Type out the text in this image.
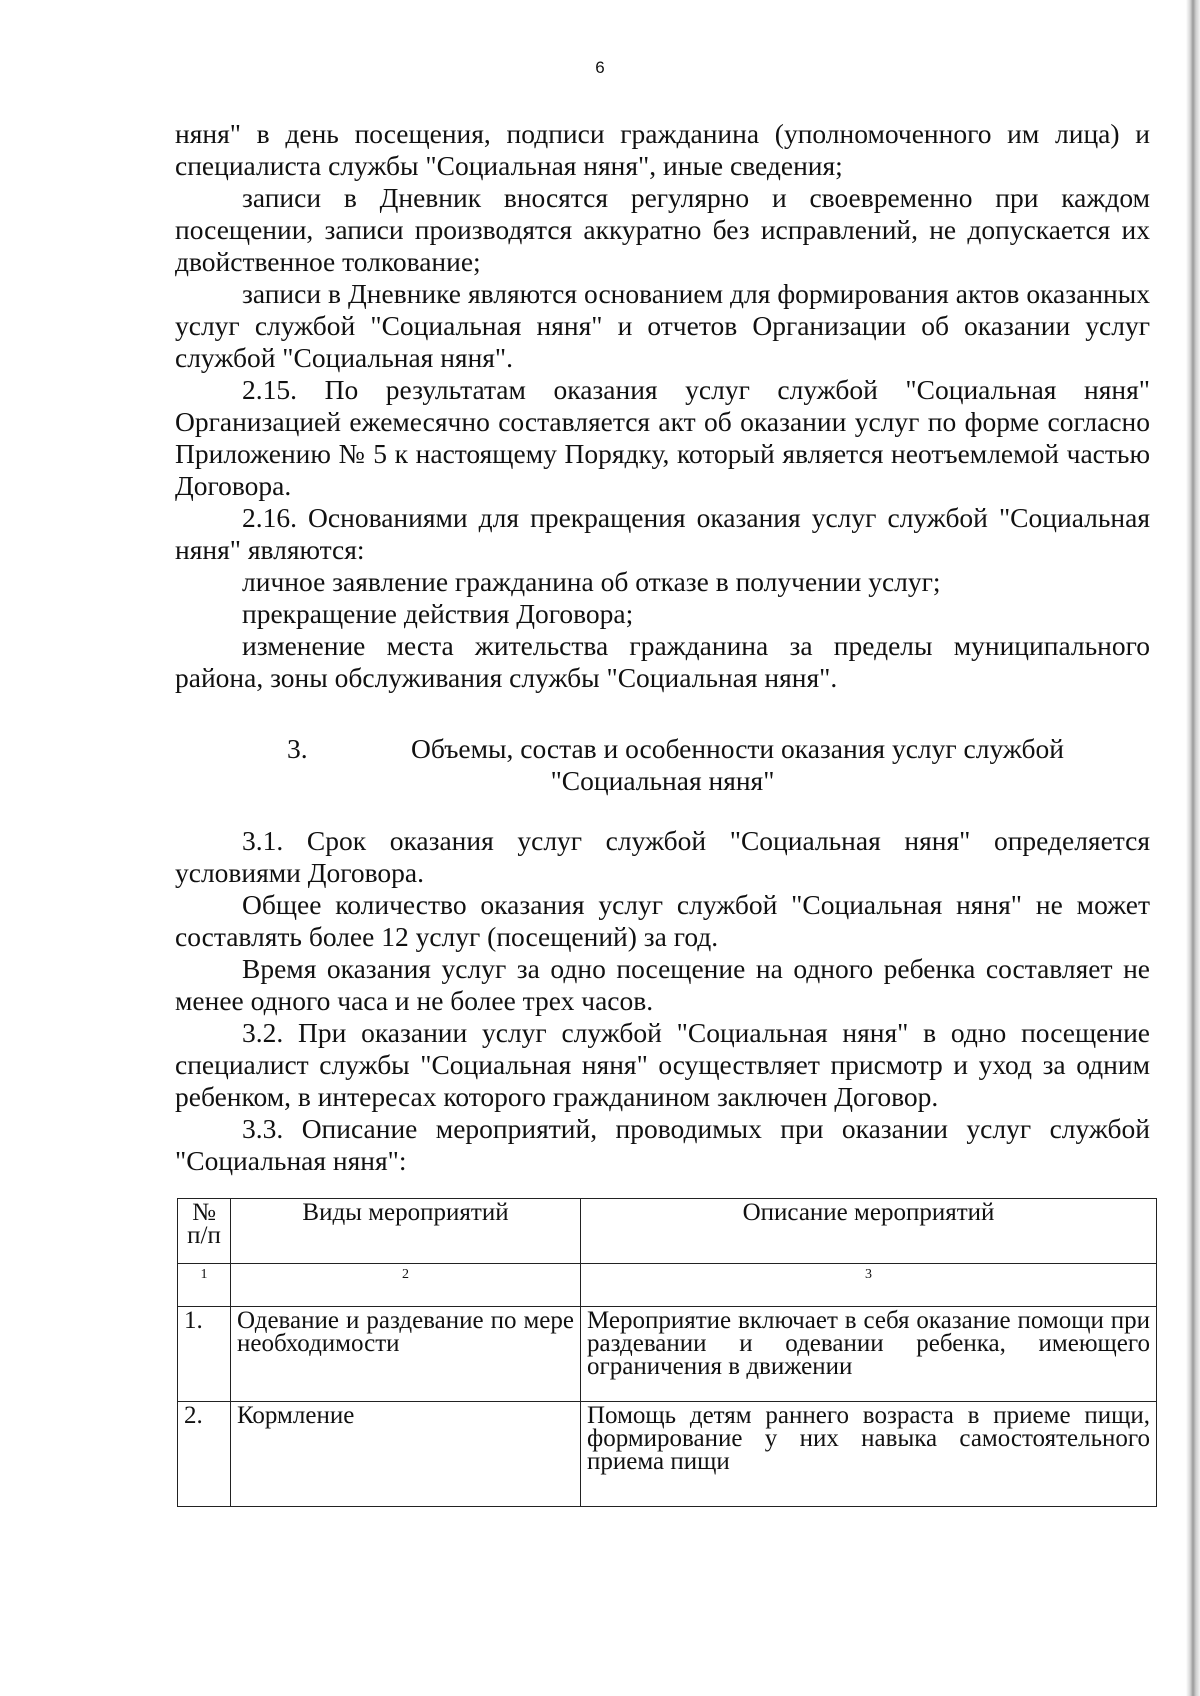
6

няня" в день посещения, подписи гражданина (уполномоченного им лица) и специалиста службы "Социальная няня", иные сведения;

записи в Дневник вносятся регулярно и своевременно при каждом посещении, записи производятся аккуратно без исправлений, не допускается их двойственное толкование;

записи в Дневнике являются основанием для формирования актов оказанных услуг службой "Социальная няня" и отчетов Организации об оказании услуг службой "Социальная няня".

2.15. По результатам оказания услуг службой "Социальная няня" Организацией ежемесячно составляется акт об оказании услуг по форме согласно Приложению № 5 к настоящему Порядку, который является неотъемлемой частью Договора.

2.16. Основаниями для прекращения оказания услуг службой "Социальная няня" являются:

личное заявление гражданина об отказе в получении услуг;

прекращение действия Договора;

изменение места жительства гражданина за пределы муниципального района, зоны обслуживания службы "Социальная няня".

3.	Объемы, состав и особенности оказания услуг службой
"Социальная няня"

3.1. Срок оказания услуг службой "Социальная няня" определяется условиями Договора.

Общее количество оказания услуг службой "Социальная няня" не может составлять более 12 услуг (посещений) за год.

Время оказания услуг за одно посещение на одного ребенка составляет не менее одного часа и не более трех часов.

3.2. При оказании услуг службой "Социальная няня" в одно посещение специалист службы "Социальная няня" осуществляет присмотр и уход за одним ребенком, в интересах которого гражданином заключен Договор.

3.3. Описание мероприятий, проводимых при оказании услуг службой "Социальная няня":

№ п/п	Виды мероприятий	Описание мероприятий
1	2	3
1.	Одевание и раздевание по мере необходимости	Мероприятие включает в себя оказание помощи при раздевании и одевании ребенка, имеющего ограничения в движении
2.	Кормление	Помощь детям раннего возраста в приеме пищи, формирование у них навыка самостоятельного приема пищи
